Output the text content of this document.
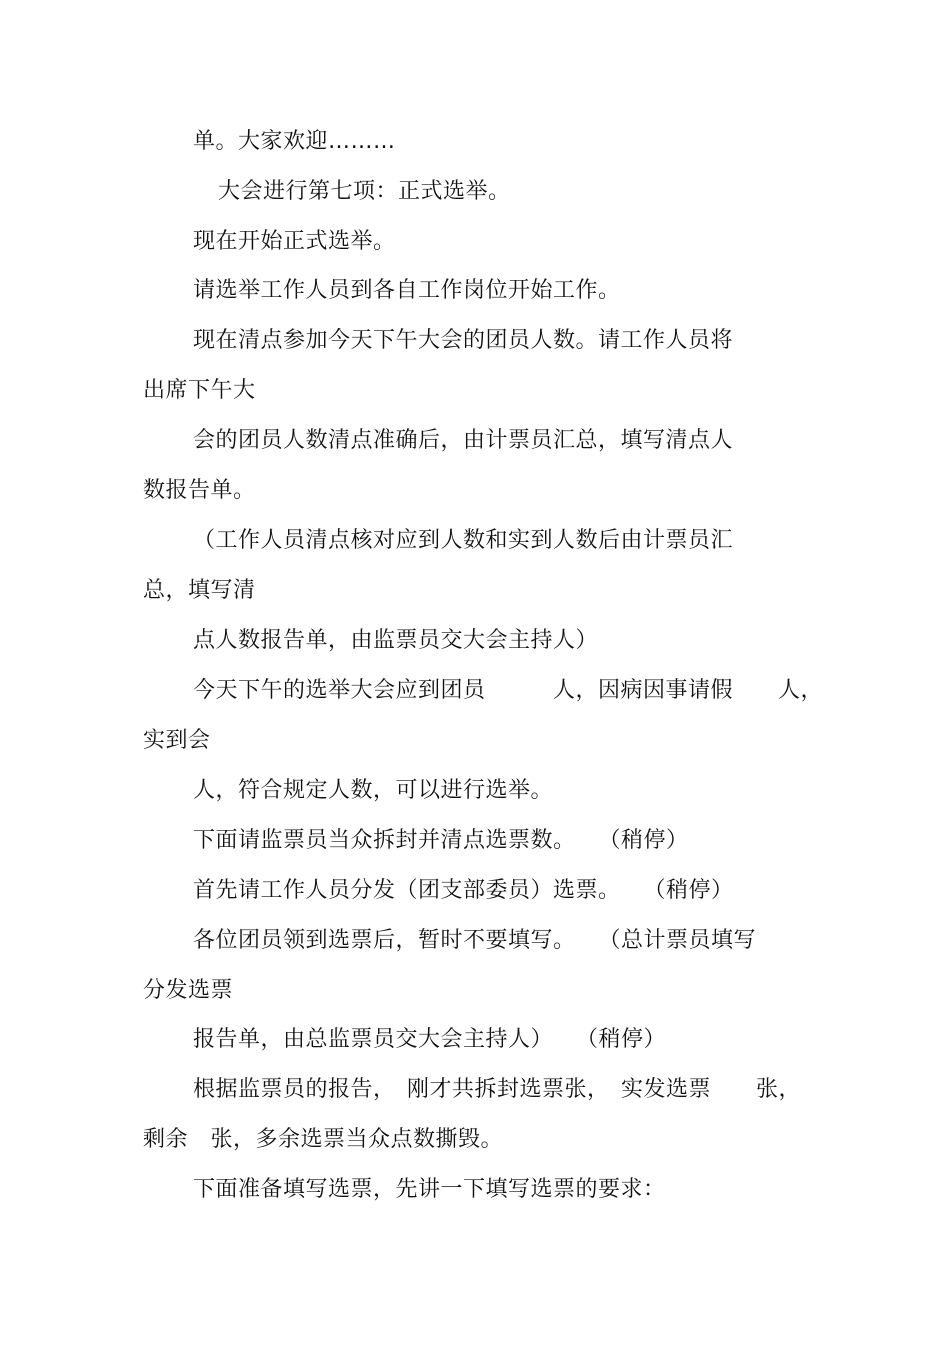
单。大家欢迎………
大会进行第七项：正式选举。
现在开始正式选举。
请选举工作人员到各自工作岗位开始工作。
现在清点参加今天下午大会的团员人数。请工作人员将
出席下午大
会的团员人数清点准确后，由计票员汇总，填写清点人
数报告单。
（工作人员清点核对应到人数和实到人数后由计票员汇
总，填写清
点人数报告单，由监票员交大会主持人）
今天下午的选举大会应到团员　　　人，因病因事请假　　人，
实到会
人，符合规定人数，可以进行选举。
下面请监票员当众拆封并清点选票数。　　（稍停）
首先请工作人员分发（团支部委员）选票。　　（稍停）
各位团员领到选票后，暂时不要填写。　　（总计票员填写
分发选票
报告单，由总监票员交大会主持人）　　（稍停）
根据监票员的报告，　刚才共拆封选票张，　实发选票　　张，
剩余　张，多余选票当众点数撕毁。
下面准备填写选票，先讲一下填写选票的要求：
